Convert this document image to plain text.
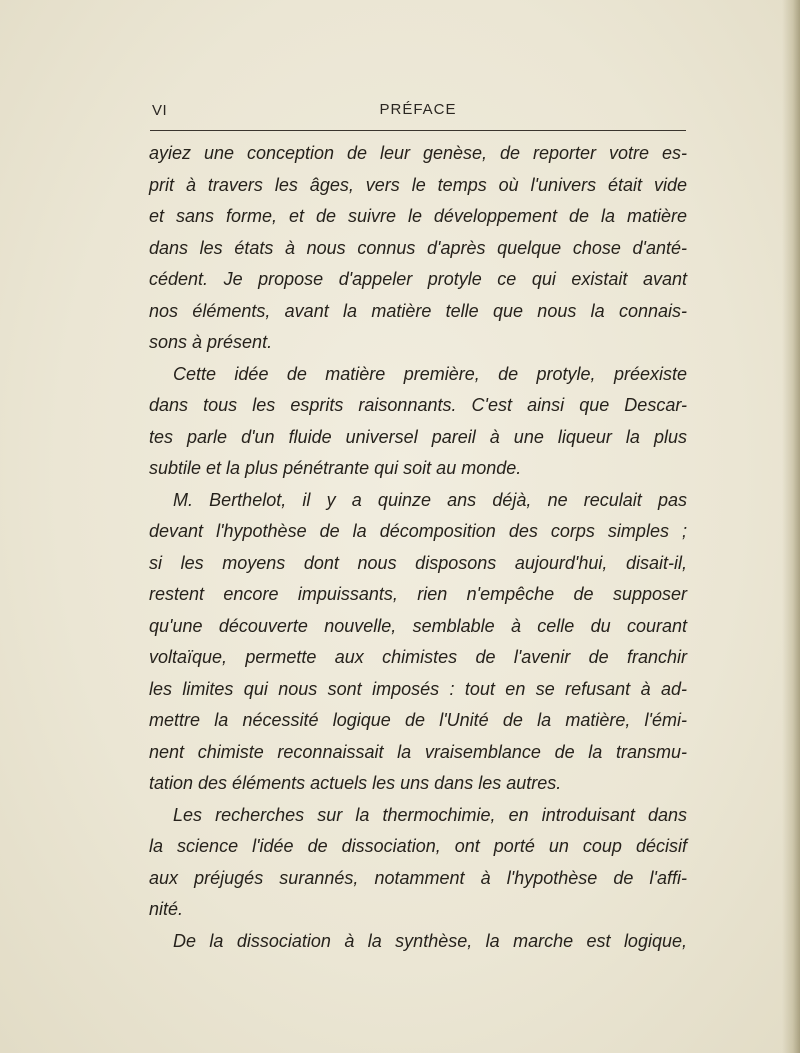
VI	PRÉFACE
ayiez une conception de leur genèse, de reporter votre es-
prit à travers les âges, vers le temps où l'univers était vide
et sans forme, et de suivre le développement de la matière
dans les états à nous connus d'après quelque chose d'anté-
cédent. Je propose d'appeler protyle ce qui existait avant
nos éléments, avant la matière telle que nous la connais-
sons à présent.
Cette idée de matière première, de protyle, préexiste
dans tous les esprits raisonnants. C'est ainsi que Descar-
tes parle d'un fluide universel pareil à une liqueur la plus
subtile et la plus pénétrante qui soit au monde.
M. Berthelot, il y a quinze ans déjà, ne reculait pas
devant l'hypothèse de la décomposition des corps simples ;
si les moyens dont nous disposons aujourd'hui, disait-il,
restent encore impuissants, rien n'empêche de supposer
qu'une découverte nouvelle, semblable à celle du courant
voltaïque, permette aux chimistes de l'avenir de franchir
les limites qui nous sont imposés : tout en se refusant à ad-
mettre la nécessité logique de l'Unité de la matière, l'émi-
nent chimiste reconnaissait la vraisemblance de la transmu-
tation des éléments actuels les uns dans les autres.
Les recherches sur la thermochimie, en introduisant dans
la science l'idée de dissociation, ont porté un coup décisif
aux préjugés surannés, notamment à l'hypothèse de l'affi-
nité.
De la dissociation à la synthèse, la marche est logique,
